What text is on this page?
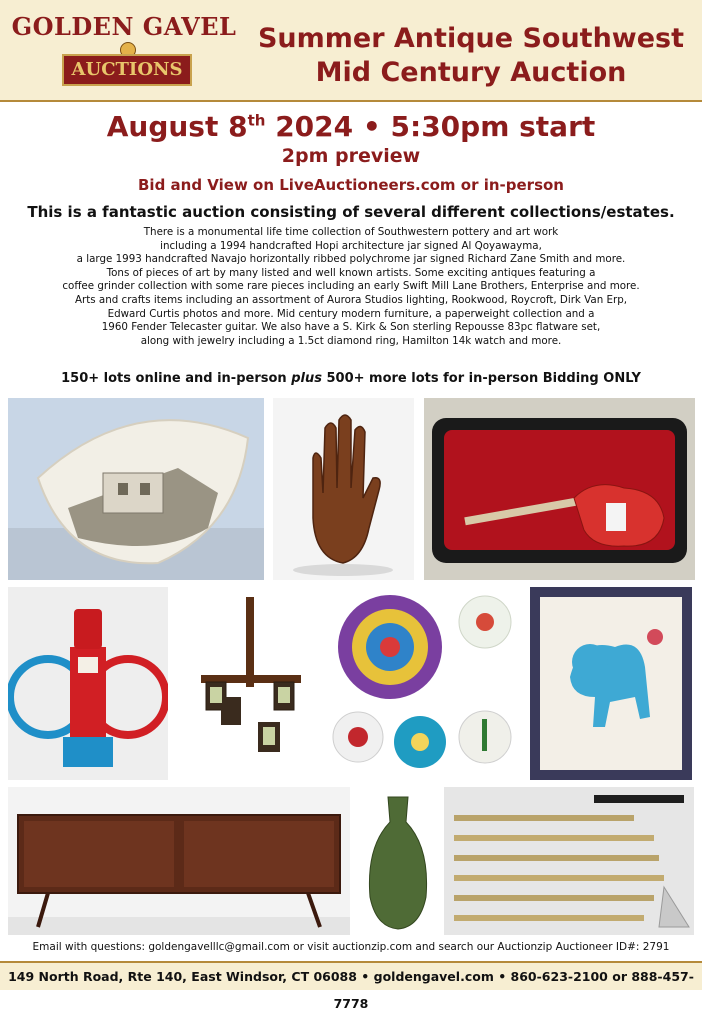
GOLDEN GAVEL
AUCTIONS
Summer Antique Southwest
Mid Century Auction
August 8th 2024 • 5:30pm start
2pm preview
Bid and View on LiveAuctioneers.com or in-person
This is a fantastic auction consisting of several different collections/estates.
There is a monumental life time collection of Southwestern pottery and art work
including a 1994 handcrafted Hopi architecture jar signed Al Qoyawayma,
a large 1993 handcrafted Navajo horizontally ribbed polychrome jar signed Richard Zane Smith and more.
Tons of pieces of art by many listed and well known artists. Some exciting antiques featuring a
coffee grinder collection with some rare pieces including an early Swift Mill Lane Brothers, Enterprise and more.
Arts and crafts items including an assortment of Aurora Studios lighting, Rookwood, Roycroft, Dirk Van Erp,
Edward Curtis photos and more. Mid century modern furniture, a paperweight collection and a
1960 Fender Telecaster guitar. We also have a S. Kirk & Son sterling Repousse 83pc flatware set,
along with jewelry including a 1.5ct diamond ring, Hamilton 14k watch and more.
150+ lots online and in-person plus 500+ more lots for in-person Bidding ONLY
Email with questions: goldengavelllc@gmail.com or visit auctionzip.com and search our Auctionzip Auctioneer ID#: 2791
149 North Road, Rte 140, East Windsor, CT 06088 • goldengavel.com • 860-623-2100 or 888-457-7778
